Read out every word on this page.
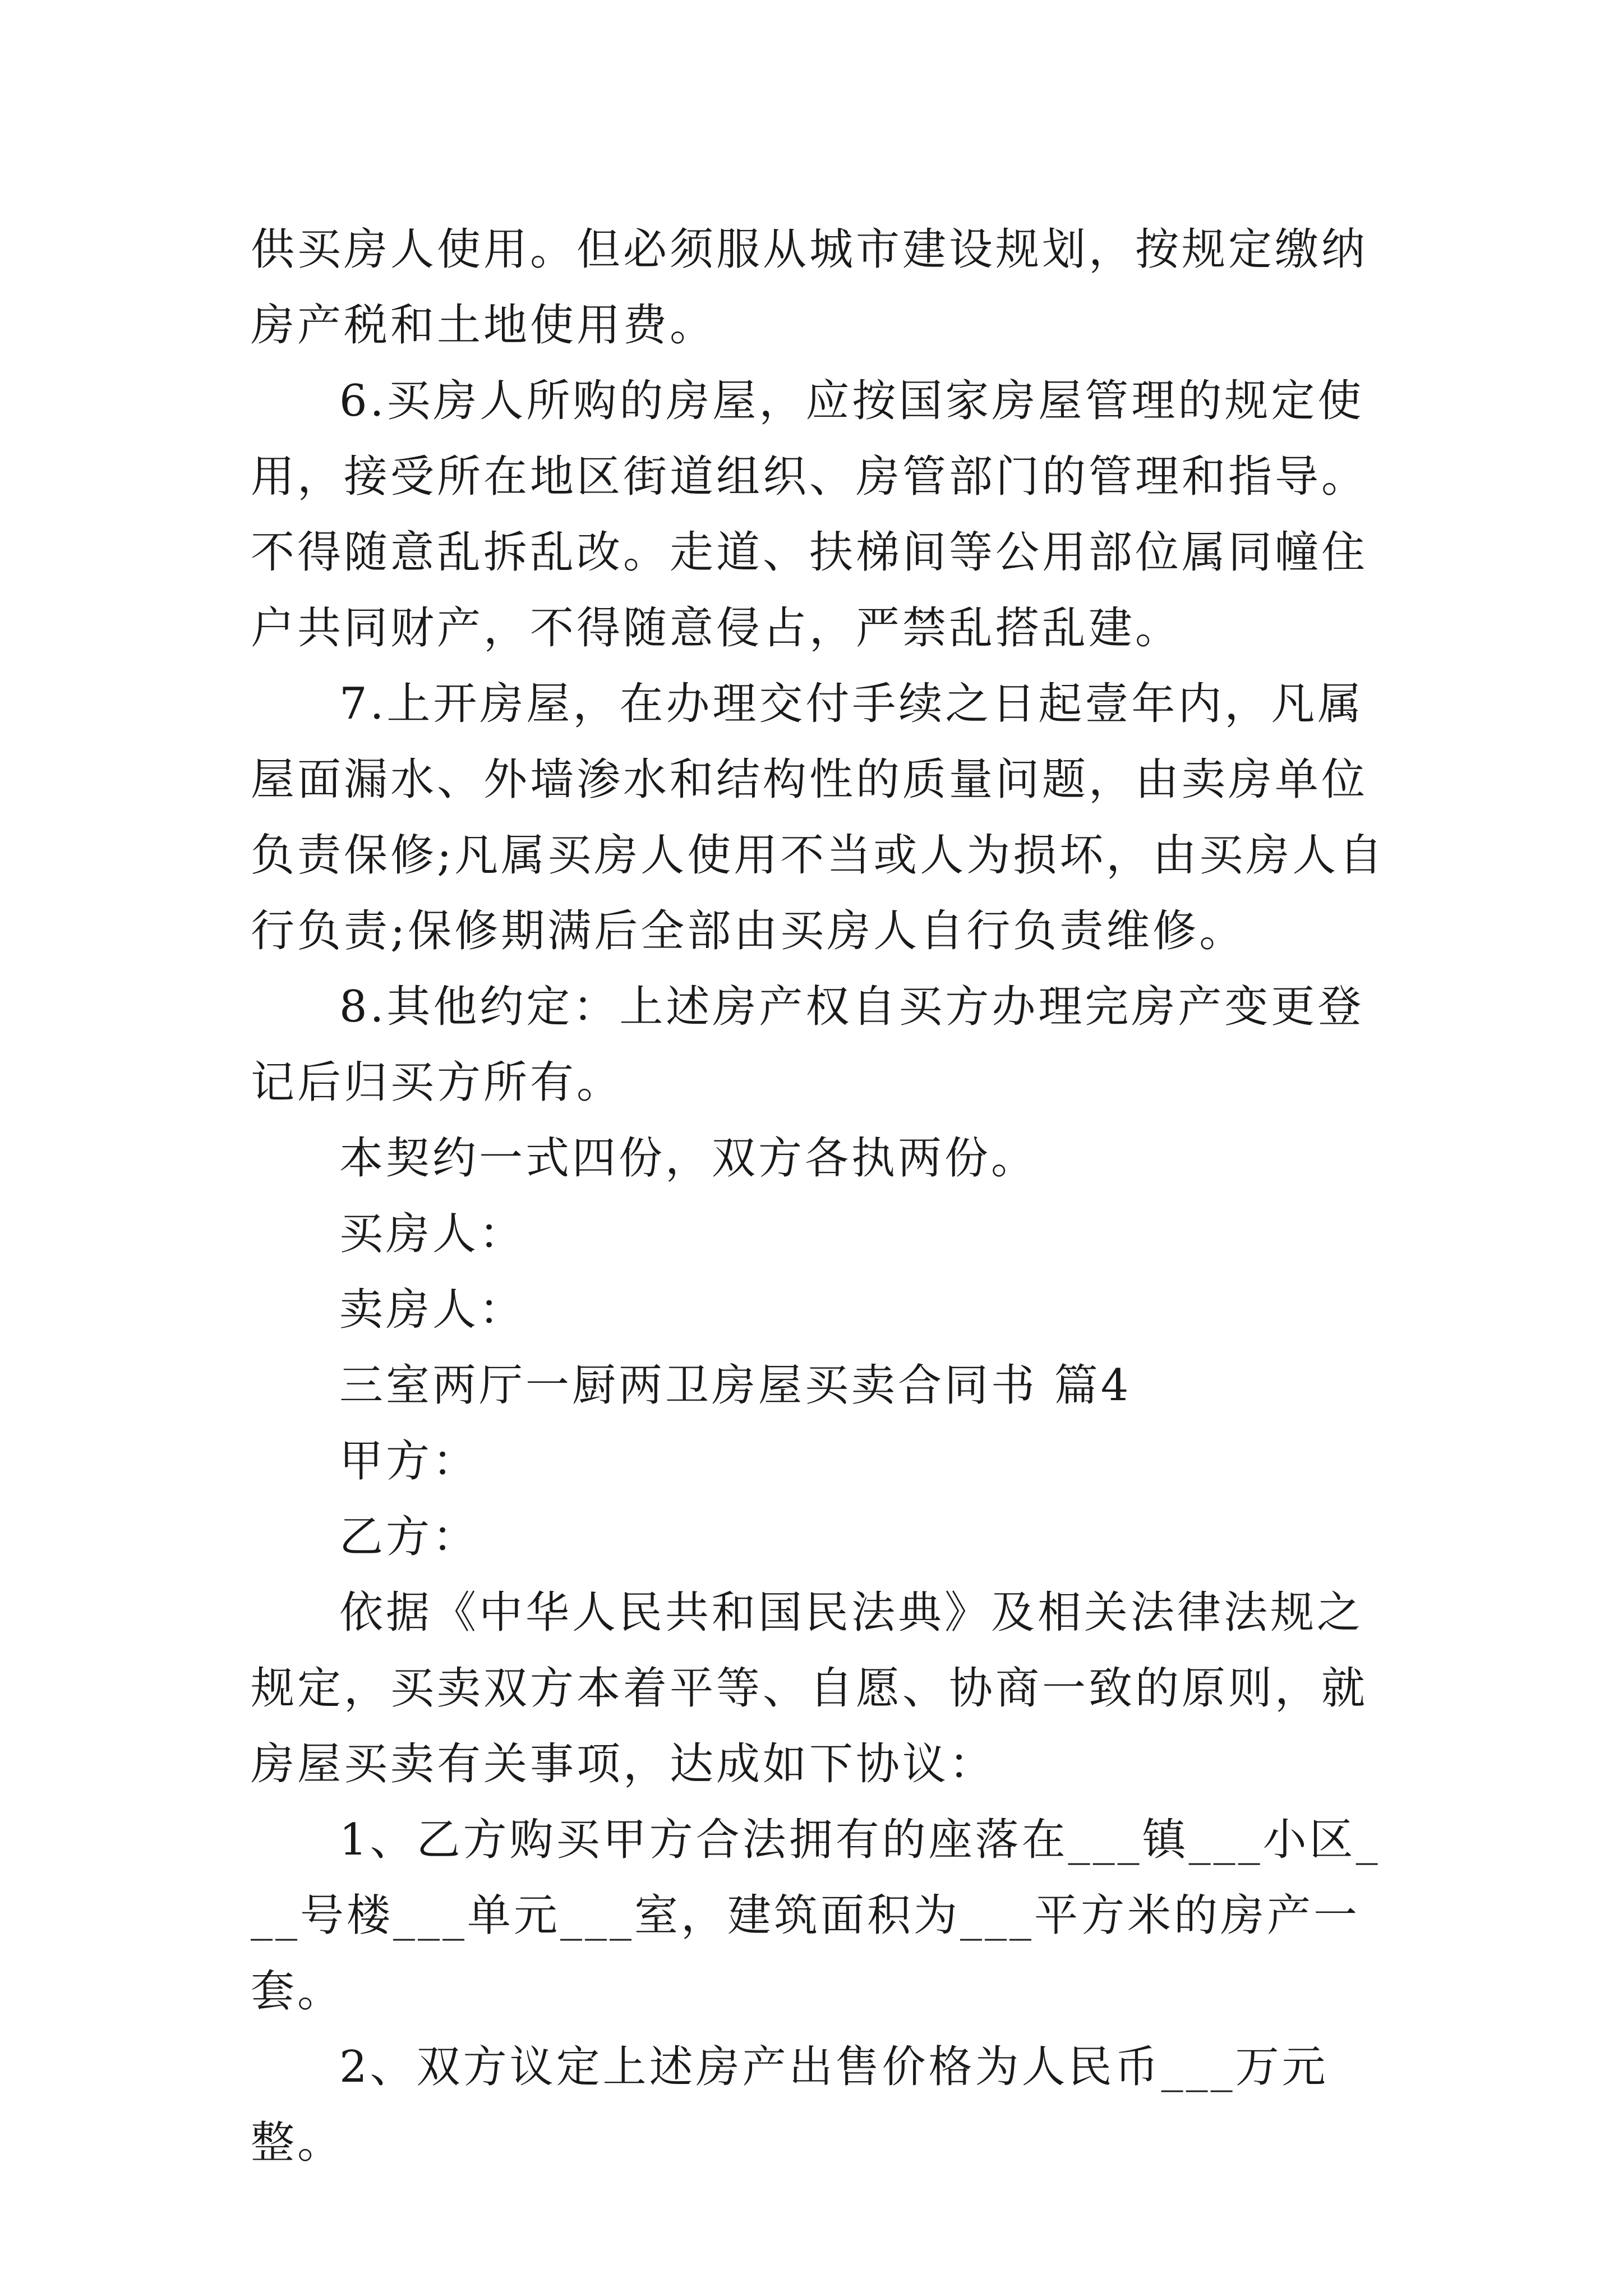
供买房人使用。但必须服从城市建设规划，按规定缴纳房产税和土地使用费。

6.买房人所购的房屋，应按国家房屋管理的规定使用，接受所在地区街道组织、房管部门的管理和指导。不得随意乱拆乱改。走道、扶梯间等公用部位属同幢住户共同财产，不得随意侵占，严禁乱搭乱建。

7.上开房屋，在办理交付手续之日起壹年内，凡属屋面漏水、外墙渗水和结构性的质量问题，由卖房单位负责保修;凡属买房人使用不当或人为损坏，由买房人自行负责;保修期满后全部由买房人自行负责维修。

8.其他约定：上述房产权自买方办理完房产变更登记后归买方所有。

本契约一式四份，双方各执两份。

买房人：

卖房人：

三室两厅一厨两卫房屋买卖合同书 篇4

甲方：

乙方：

依据《中华人民共和国民法典》及相关法律法规之规定，买卖双方本着平等、自愿、协商一致的原则，就房屋买卖有关事项，达成如下协议：

1、乙方购买甲方合法拥有的座落在___镇___小区___号楼___单元___室，建筑面积为___平方米的房产一套。

2、双方议定上述房产出售价格为人民币___万元整。
